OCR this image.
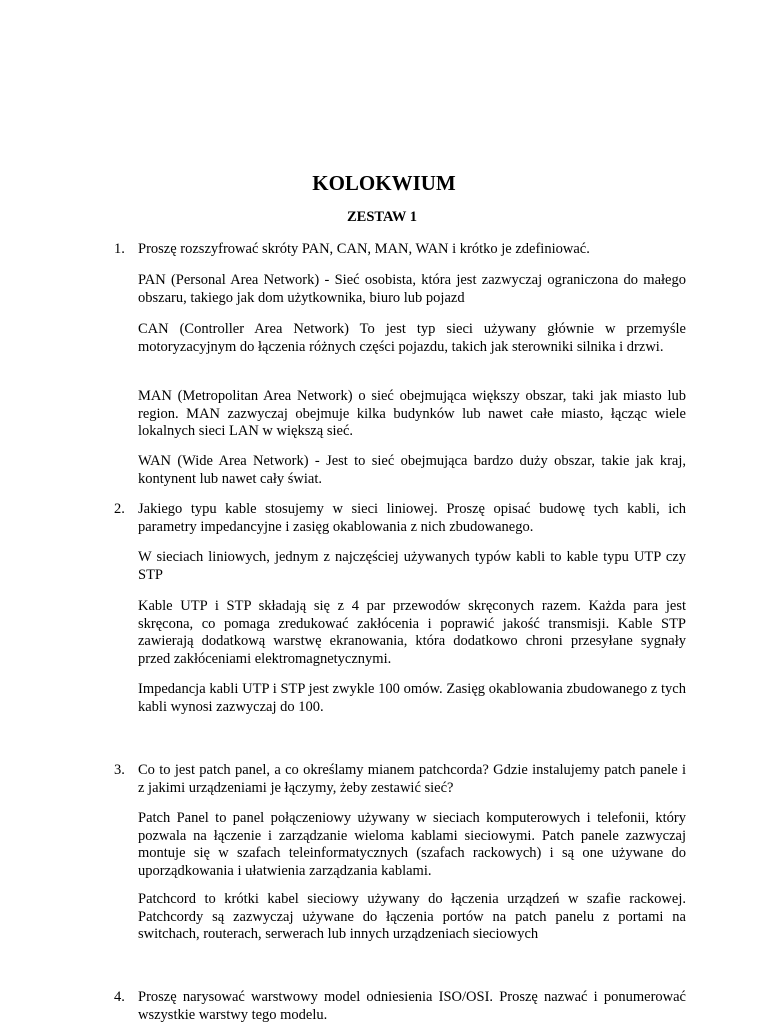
KOLOKWIUM
ZESTAW 1
1. Proszę rozszyfrować skróty PAN, CAN, MAN, WAN i krótko je zdefiniować.

PAN (Personal Area Network) - Sieć osobista, która jest zazwyczaj ograniczona do małego obszaru, takiego jak dom użytkownika, biuro lub pojazd

CAN (Controller Area Network) To jest typ sieci używany głównie w przemyśle motoryzacyjnym do łączenia różnych części pojazdu, takich jak sterowniki silnika i drzwi.

MAN (Metropolitan Area Network) o sieć obejmująca większy obszar, taki jak miasto lub region. MAN zazwyczaj obejmuje kilka budynków lub nawet całe miasto, łącząc wiele lokalnych sieci LAN w większą sieć.

WAN (Wide Area Network) - Jest to sieć obejmująca bardzo duży obszar, takie jak kraj, kontynent lub nawet cały świat.

2. Jakiego typu kable stosujemy w sieci liniowej. Proszę opisać budowę tych kabli, ich parametry impedancyjne i zasięg okablowania z nich zbudowanego.

W sieciach liniowych, jednym z najczęściej używanych typów kabli to kable typu UTP czy STP

Kable UTP i STP składają się z 4 par przewodów skręconych razem. Każda para jest skręcona, co pomaga zredukować zakłócenia i poprawić jakość transmisji. Kable STP zawierają dodatkową warstwę ekranowania, która dodatkowo chroni przesyłane sygnały przed zakłóceniami elektromagnetycznymi.

Impedancja kabli UTP i STP jest zwykle 100 omów. Zasięg okablowania zbudowanego z tych kabli wynosi zazwyczaj do 100.

3. Co to jest patch panel, a co określamy mianem patchcorda? Gdzie instalujemy patch panele i z jakimi urządzeniami je łączymy, żeby zestawić sieć?

Patch Panel to panel połączeniowy używany w sieciach komputerowych i telefonii, który pozwala na łączenie i zarządzanie wieloma kablami sieciowymi. Patch panele zazwyczaj montuje się w szafach teleinformatycznych (szafach rackowych) i są one używane do uporządkowania i ułatwienia zarządzania kablami.

Patchcord to krótki kabel sieciowy używany do łączenia urządzeń w szafie rackowej. Patchcordy są zazwyczaj używane do łączenia portów na patch panelu z portami na switchach, routerach, serwerach lub innych urządzeniach sieciowych

4. Proszę narysować warstwowy model odniesienia ISO/OSI. Proszę nazwać i ponumerować wszystkie warstwy tego modelu.
